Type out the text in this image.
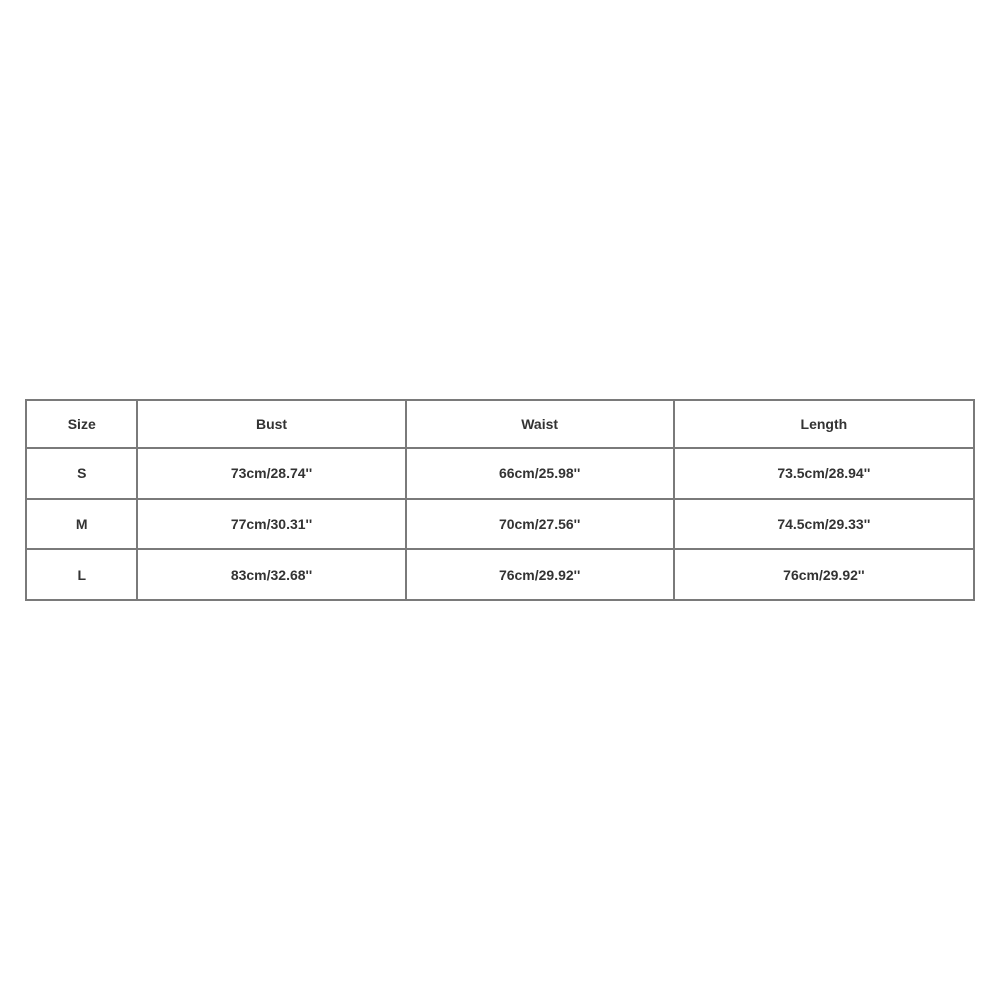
Size	Bust	Waist	Length
S	73cm/28.74''	66cm/25.98''	73.5cm/28.94''
M	77cm/30.31''	70cm/27.56''	74.5cm/29.33''
L	83cm/32.68''	76cm/29.92''	76cm/29.92''
